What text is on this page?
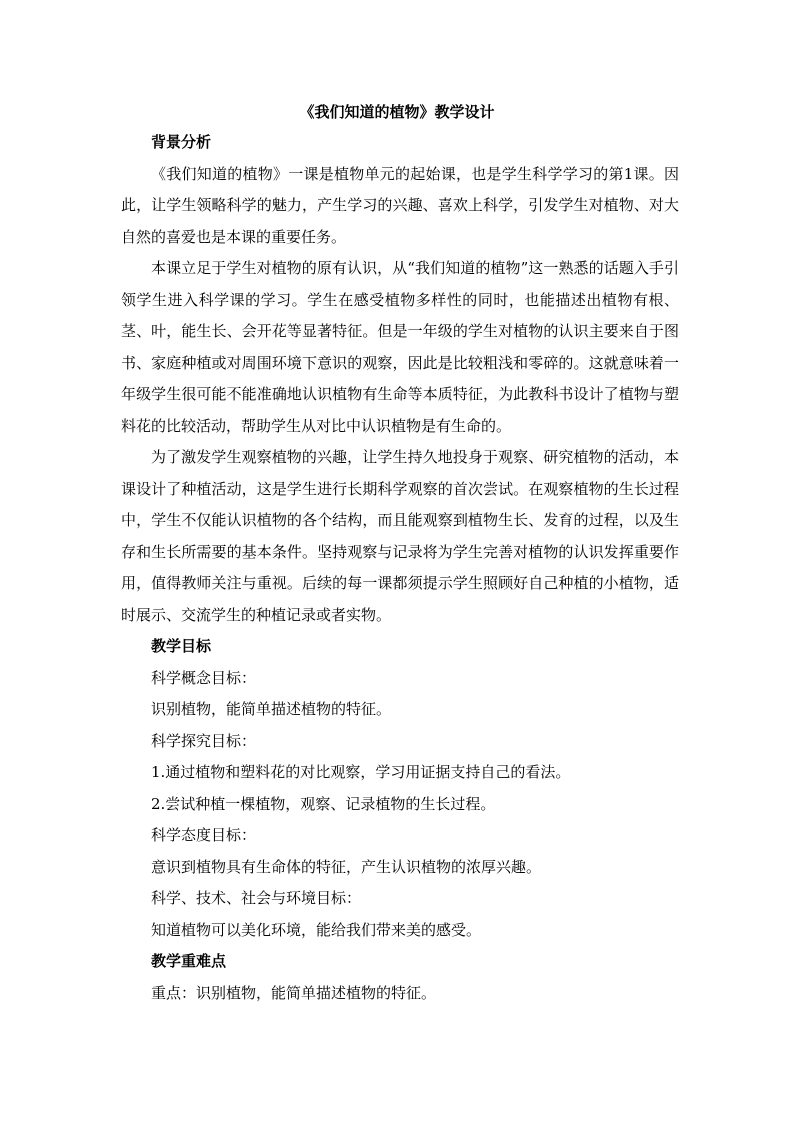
《我们知道的植物》教学设计

背景分析

《我们知道的植物》一课是植物单元的起始课，也是学生科学学习的第1课。因此，让学生领略科学的魅力，产生学习的兴趣、喜欢上科学，引发学生对植物、对大自然的喜爱也是本课的重要任务。

本课立足于学生对植物的原有认识，从“我们知道的植物”这一熟悉的话题入手引领学生进入科学课的学习。学生在感受植物多样性的同时，也能描述出植物有根、茎、叶，能生长、会开花等显著特征。但是一年级的学生对植物的认识主要来自于图书、家庭种植或对周围环境下意识的观察，因此是比较粗浅和零碎的。这就意味着一年级学生很可能不能准确地认识植物有生命等本质特征，为此教科书设计了植物与塑料花的比较活动，帮助学生从对比中认识植物是有生命的。

为了激发学生观察植物的兴趣，让学生持久地投身于观察、研究植物的活动，本课设计了种植活动，这是学生进行长期科学观察的首次尝试。在观察植物的生长过程中，学生不仅能认识植物的各个结构，而且能观察到植物生长、发育的过程，以及生存和生长所需要的基本条件。坚持观察与记录将为学生完善对植物的认识发挥重要作用，值得教师关注与重视。后续的每一课都须提示学生照顾好自己种植的小植物，适时展示、交流学生的种植记录或者实物。

教学目标

科学概念目标：

识别植物，能简单描述植物的特征。

科学探究目标：

1.通过植物和塑料花的对比观察，学习用证据支持自己的看法。

2.尝试种植一棵植物，观察、记录植物的生长过程。

科学态度目标：

意识到植物具有生命体的特征，产生认识植物的浓厚兴趣。

科学、技术、社会与环境目标：

知道植物可以美化环境，能给我们带来美的感受。

教学重难点

重点：识别植物，能简单描述植物的特征。
